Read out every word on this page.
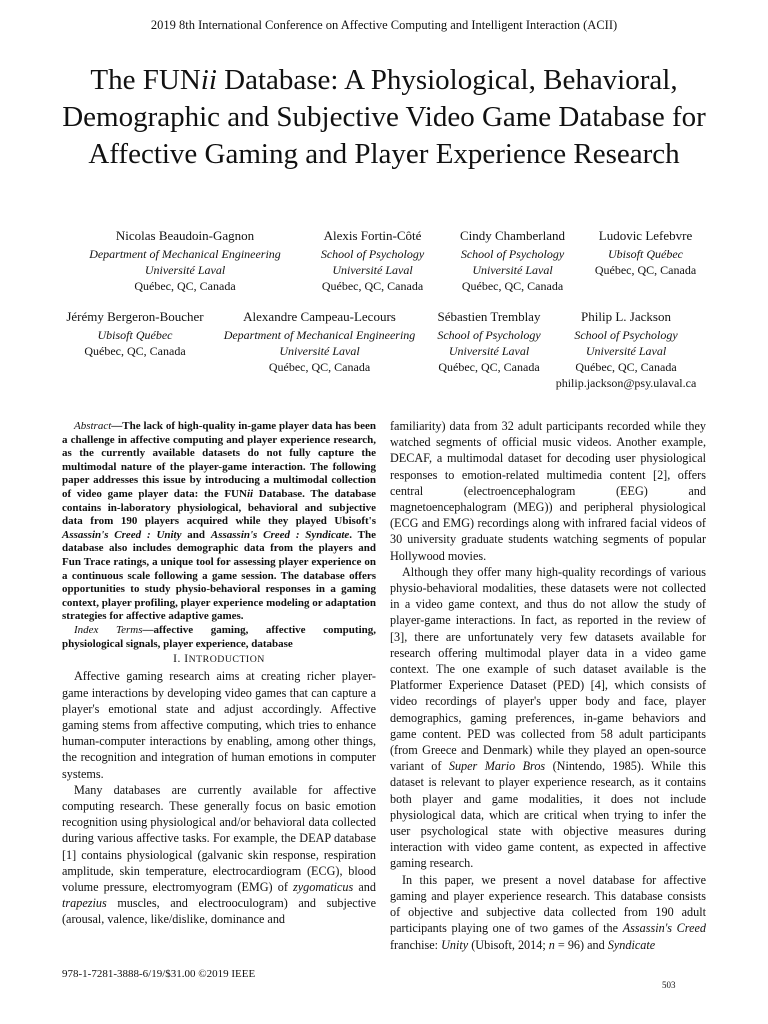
2019 8th International Conference on Affective Computing and Intelligent Interaction (ACII)
The FUNii Database: A Physiological, Behavioral, Demographic and Subjective Video Game Database for Affective Gaming and Player Experience Research
Nicolas Beaudoin-Gagnon
Department of Mechanical Engineering
Université Laval
Québec, QC, Canada
Alexis Fortin-Côté
School of Psychology
Université Laval
Québec, QC, Canada
Cindy Chamberland
School of Psychology
Université Laval
Québec, QC, Canada
Ludovic Lefebvre
Ubisoft Québec
Québec, QC, Canada
Jérémy Bergeron-Boucher
Ubisoft Québec
Québec, QC, Canada
Alexandre Campeau-Lecours
Department of Mechanical Engineering
Université Laval
Québec, QC, Canada
Sébastien Tremblay
School of Psychology
Université Laval
Québec, QC, Canada
Philip L. Jackson
School of Psychology
Université Laval
Québec, QC, Canada
philip.jackson@psy.ulaval.ca

Abstract—The lack of high-quality in-game player data has been a challenge in affective computing and player experience research, as the currently available datasets do not fully capture the multimodal nature of the player-game interaction. The following paper addresses this issue by introducing a multimodal collection of video game player data: the FUNii Database. The database contains in-laboratory physiological, behavioral and subjective data from 190 players acquired while they played Ubisoft's Assassin's Creed : Unity and Assassin's Creed : Syndicate. The database also includes demographic data from the players and Fun Trace ratings, a unique tool for assessing player experience on a continuous scale following a game session. The database offers opportunities to study physio-behavioral responses in a gaming context, player profiling, player experience modeling or adaptation strategies for affective adaptive games.

Index Terms—affective gaming, affective computing, physiological signals, player experience, database

I. INTRODUCTION

Affective gaming research aims at creating richer player-game interactions by developing video games that can capture a player's emotional state and adjust accordingly. Affective gaming stems from affective computing, which tries to enhance human-computer interactions by enabling, among other things, the recognition and integration of human emotions in computer systems.

Many databases are currently available for affective computing research. These generally focus on basic emotion recognition using physiological and/or behavioral data collected during various affective tasks. For example, the DEAP database [1] contains physiological (galvanic skin response, respiration amplitude, skin temperature, electrocardiogram (ECG), blood volume pressure, electromyogram (EMG) of zygomaticus and trapezius muscles, and electrooculogram) and subjective (arousal, valence, like/dislike, dominance and

familiarity) data from 32 adult participants recorded while they watched segments of official music videos. Another example, DECAF, a multimodal dataset for decoding user physiological responses to emotion-related multimedia content [2], offers central (electroencephalogram (EEG) and magnetoencephalogram (MEG)) and peripheral physiological (ECG and EMG) recordings along with infrared facial videos of 30 university graduate students watching segments of popular Hollywood movies.

Although they offer many high-quality recordings of various physio-behavioral modalities, these datasets were not collected in a video game context, and thus do not allow the study of player-game interactions. In fact, as reported in the review of [3], there are unfortunately very few datasets available for research offering multimodal player data in a video game context. The one example of such dataset available is the Platformer Experience Dataset (PED) [4], which consists of video recordings of player's upper body and face, player demographics, gaming preferences, in-game behaviors and game content. PED was collected from 58 adult participants (from Greece and Denmark) while they played an open-source variant of Super Mario Bros (Nintendo, 1985). While this dataset is relevant to player experience research, as it contains both player and game modalities, it does not include physiological data, which are critical when trying to infer the user psychological state with objective measures during interaction with video game content, as expected in affective gaming research.

In this paper, we present a novel database for affective gaming and player experience research. This database consists of objective and subjective data collected from 190 adult participants playing one of two games of the Assassin's Creed franchise: Unity (Ubisoft, 2014; n = 96) and Syndicate

978-1-7281-3888-6/19/$31.00 ©2019 IEEE
503
